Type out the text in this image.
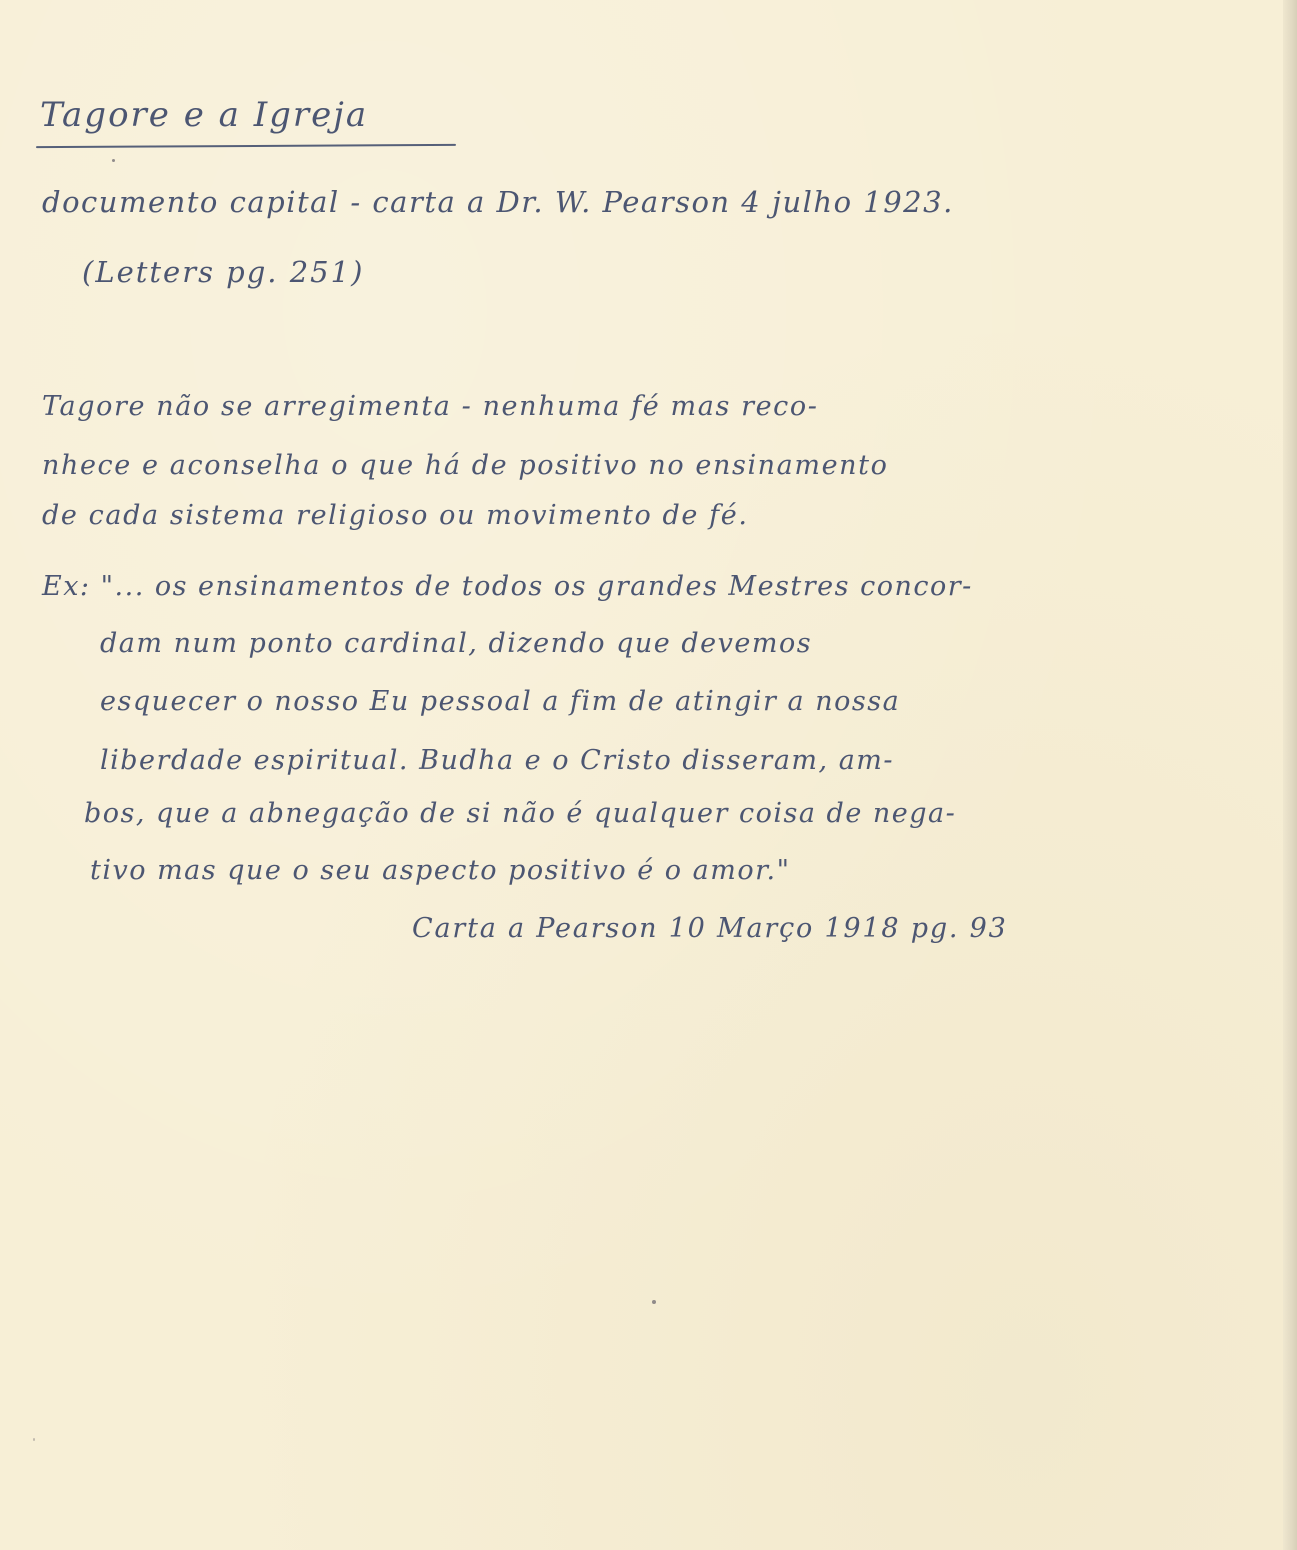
Tagore e a Igreja
documento capital - carta a Dr. W. Pearson 4 julho 1923.
(Letters pg. 251)
Tagore não se arregimenta - nenhuma fé mas reco-
nhece e aconselha o que há de positivo no ensinamento
de cada sistema religioso ou movimento de fé.
Ex: "... os ensinamentos de todos os grandes Mestres concor-
dam num ponto cardinal, dizendo que devemos
esquecer o nosso Eu pessoal a fim de atingir a nossa
liberdade espiritual. Budha e o Cristo disseram, am-
bos, que a abnegação de si não é qualquer coisa de nega-
tivo mas que o seu aspecto positivo é o amor."
Carta a Pearson 10 Março 1918 pg. 93
